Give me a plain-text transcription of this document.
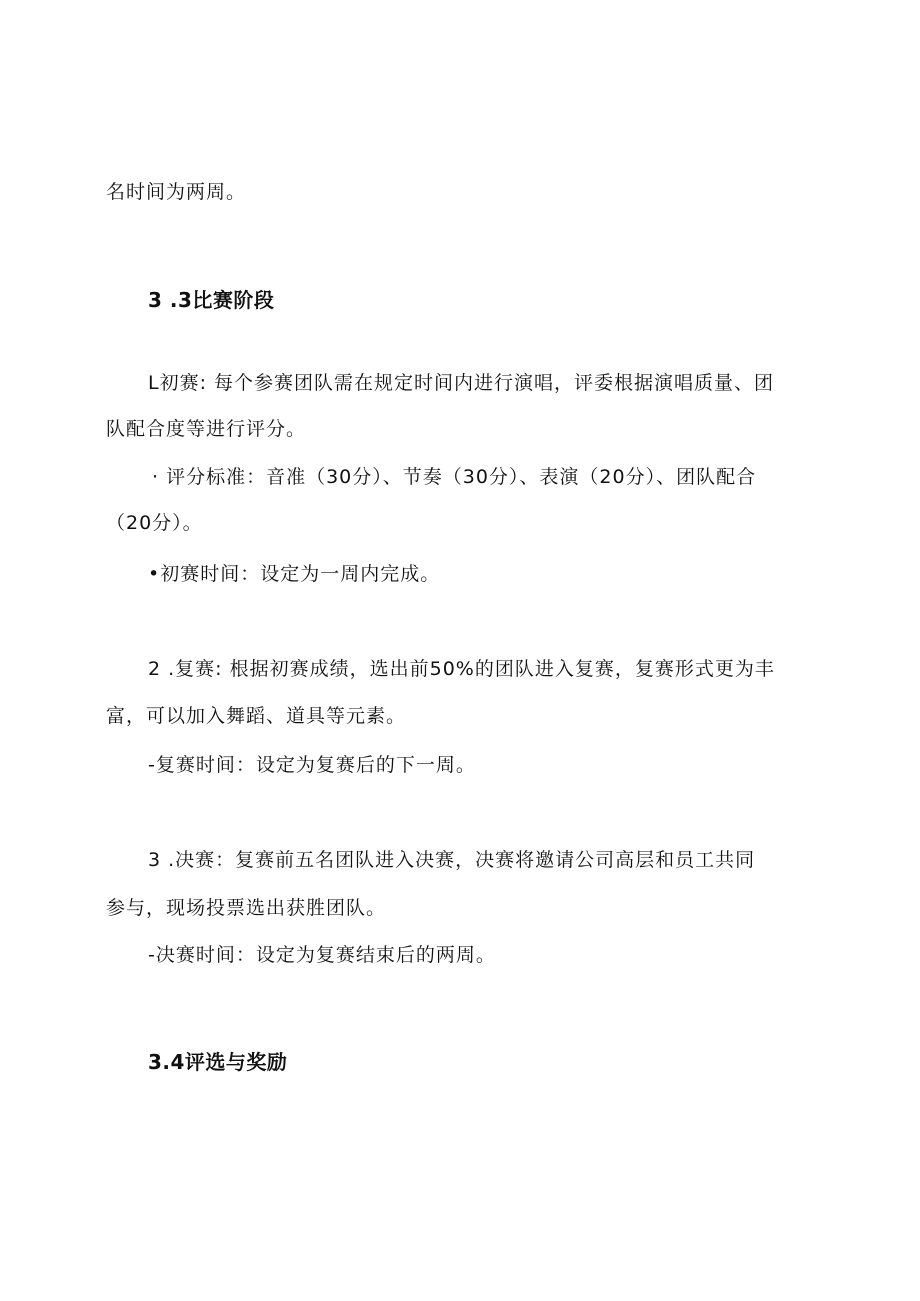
名时间为两周。
3 .3比赛阶段
L初赛: 每个参赛团队需在规定时间内进行演唱，评委根据演唱质量、团
队配合度等进行评分。
· 评分标准：音准（30分）、节奏（30分）、表演（20分）、团队配合
（20分）。
•初赛时间：设定为一周内完成。
2 .复赛: 根据初赛成绩，选出前50%的团队进入复赛，复赛形式更为丰
富，可以加入舞蹈、道具等元素。
-复赛时间：设定为复赛后的下一周。
3 .决赛：复赛前五名团队进入决赛，决赛将邀请公司高层和员工共同
参与，现场投票选出获胜团队。
-决赛时间：设定为复赛结束后的两周。
3.4评选与奖励
